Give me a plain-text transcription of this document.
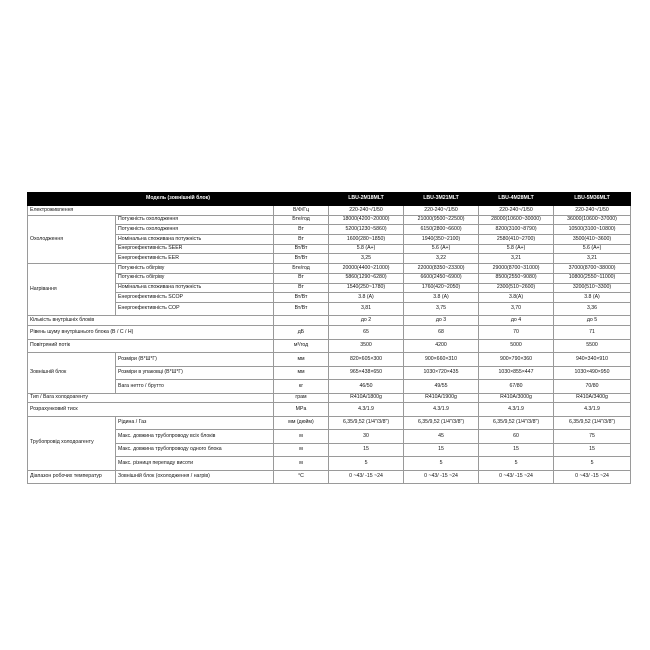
Модель (зовнішній блок)			LBU-2M18MLT	LBU-3M21MLT	LBU-4M28MLT	LBU-5M36MLT
Електроживлення		В/Ф/Гц	220-240~/1/50	220-240~/1/50	220-240~/1/50	220-240~/1/50
Охолодження	Потужність охолодження	Бте/год	18000(4200~20000)	21000(9500~22500)	28000(10600~30000)	36000(10600~37000)
	Потужність охолодження	Вт	5200(1230~5860)	6150(2800~6600)	8200(3100~8790)	10500(3100~10800)
	Номінальна споживана потужність	Вт	1600(280~1850)	1940(350~2100)	2580(410~2700)	3500(410~3600)
	Енергоефективність SEER	Вт/Вт	5.8 (A+)	5.6 (A+)	5.8 (A+)	5.6 (A+)
	Енергоефективність EER	Вт/Вт	3,25	3,22	3,21	3,21
Нагрівання	Потужність обігріву	Бте/год	20000(4400~21000)	22000(8350~23300)	29000(8700~31000)	37000(8700~38000)
	Потужність обігріву	Вт	5860(1290~6280)	6600(2450~6900)	8500(2550~9080)	10800(2550~11000)
	Номінальна споживана потужність	Вт	1540(250~1780)	1760(420~2050)	2300(510~2600)	3200(510~3300)
	Енергоефективність SCOP	Вт/Вт	3.8 (A)	3.8 (A)	3.8(A)	3.8 (A)
	Енергоефективність COP	Вт/Вт	3,81	3,75	3,70	3,36
Кількість внутрішніх блоків			до 2	до 3	до 4	до 5
Рівень шуму внутрішнього блока (В / С / Н)		дБ	65	68	70	71
Повітряний потік		м³/год	3500	4200	5000	5500
Зовнішній блок	Розміри (В*Ш*Г)	мм	820×605×300	900×660×310	900×790×360	940×340×910
	Розміри в упаковці (В*Ш*Г)	мм	965×438×650	1030×720×435	1030×855×447	1030×490×950
	Вага нетто / брутто	кг	46/50	49/55	67/80	70/80
Тип / Вага холодоагенту		грам	R410A/1800g	R410A/1900g	R410A/3000g	R410A/3400g
Розрахунковий тиск		MPa	4.3/1.9	4.3/1.9	4.3/1.9	4.3/1.9
Трубопровід холодоагенту	Рідина / Газ	мм (дюйм)	6,35/9,52 (1/4"/3/8")	6,35/9,52 (1/4"/3/8")	6,35/9,52 (1/4"/3/8")	6,35/9,52 (1/4"/3/8")
	Макс. довжина трубопроводу всіх блоків	м	30	45	60	75
	Макс. довжина трубопроводу одного блока	м	15	15	15	15
	Макс. різниця перепаду висоти	м	5	5	5	5
Діапазон робочих температур	Зовнішній блок (охолодження / нагрів)	°C	0 ~43/ -15 ~24	0 ~43/ -15 ~24	0 ~43/ -15 ~24	0 ~43/ -15 ~24
